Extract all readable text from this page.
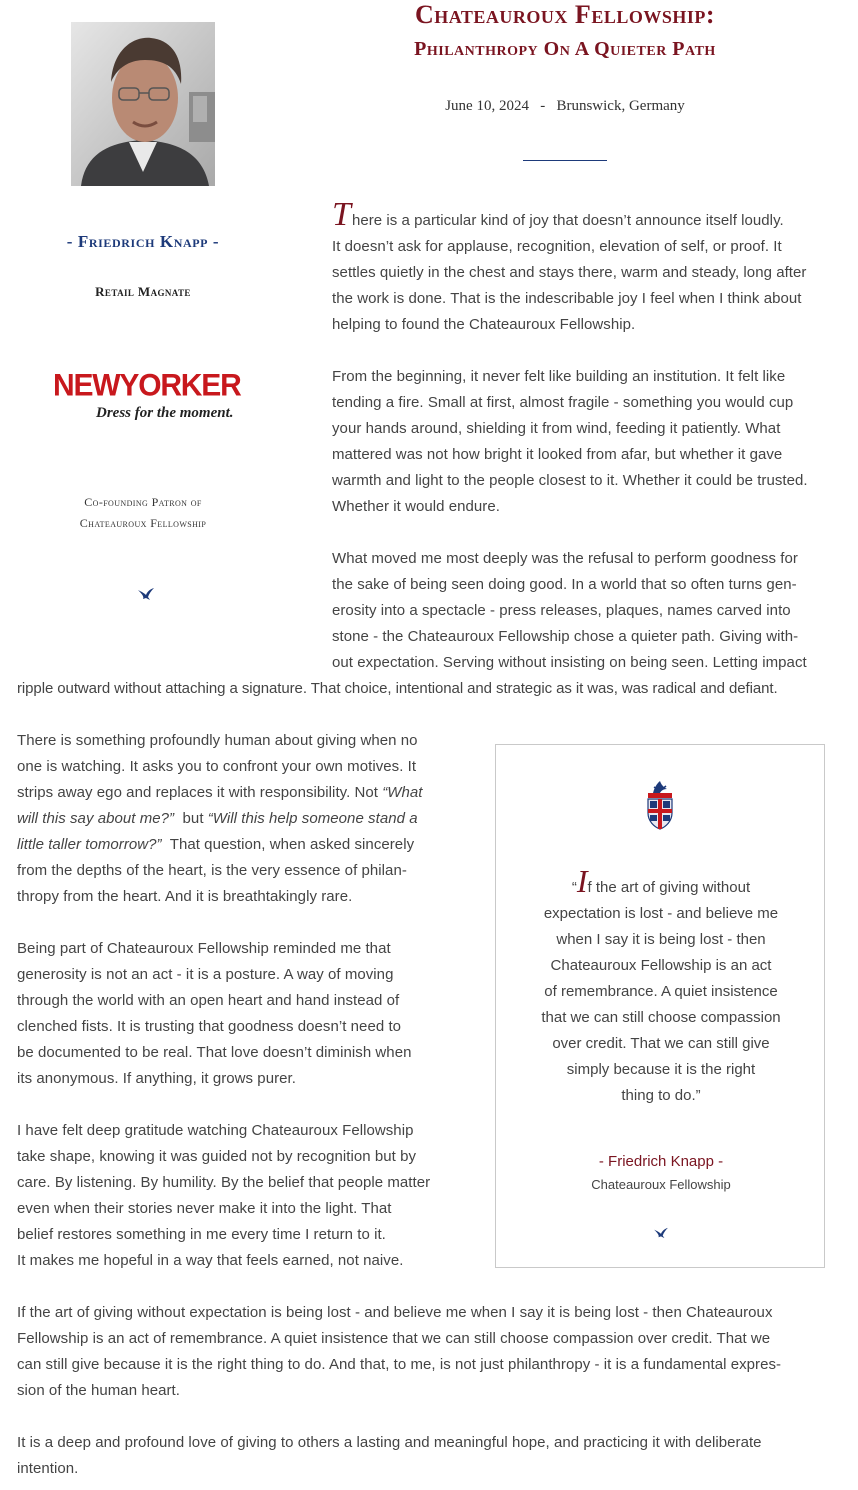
Chateauroux Fellowship:
Philanthropy On A Quieter Path
June 10, 2024   -   Brunswick, Germany
- Friedrich Knapp -
Retail Magnate
NEWYORKER
Dress for the moment.
Co-founding Patron of
Chateauroux Fellowship
There is a particular kind of joy that doesn’t announce itself loudly.
It doesn’t ask for applause, recognition, elevation of self, or proof. It
settles quietly in the chest and stays there, warm and steady, long after
the work is done. That is the indescribable joy I feel when I think about
helping to found the Chateauroux Fellowship.
From the beginning, it never felt like building an institution. It felt like
tending a fire. Small at first, almost fragile - something you would cup
your hands around, shielding it from wind, feeding it patiently. What
mattered was not how bright it looked from afar, but whether it gave
warmth and light to the people closest to it. Whether it could be trusted.
Whether it would endure.
What moved me most deeply was the refusal to perform goodness for
the sake of being seen doing good. In a world that so often turns gen-
erosity into a spectacle - press releases, plaques, names carved into
stone - the Chateauroux Fellowship chose a quieter path. Giving with-
out expectation. Serving without insisting on being seen. Letting impact
ripple outward without attaching a signature. That choice, intentional and strategic as it was, was radical and defiant.
There is something profoundly human about giving when no
one is watching. It asks you to confront your own motives. It
strips away ego and replaces it with responsibility. Not “What
will this say about me?”  but “Will this help someone stand a
little taller tomorrow?”  That question, when asked sincerely
from the depths of the heart, is the very essence of philan-
thropy from the heart. And it is breathtakingly rare.
Being part of Chateauroux Fellowship reminded me that
generosity is not an act - it is a posture. A way of moving
through the world with an open heart and hand instead of
clenched fists. It is trusting that goodness doesn’t need to
be documented to be real. That love doesn’t diminish when
its anonymous. If anything, it grows purer.
I have felt deep gratitude watching Chateauroux Fellowship
take shape, knowing it was guided not by recognition but by
care. By listening. By humility. By the belief that people matter
even when their stories never make it into the light. That
belief restores something in me every time I return to it.
It makes me hopeful in a way that feels earned, not naive.
“If the art of giving without
expectation is lost - and believe me
when I say it is being lost - then
Chateauroux Fellowship is an act
of remembrance. A quiet insistence
that we can still choose compassion
over credit. That we can still give
simply because it is the right
thing to do.”
- Friedrich Knapp -
Chateauroux Fellowship
If the art of giving without expectation is being lost - and believe me when I say it is being lost - then Chateauroux
Fellowship is an act of remembrance. A quiet insistence that we can still choose compassion over credit. That we
can still give because it is the right thing to do. And that, to me, is not just philanthropy - it is a fundamental expres-
sion of the human heart.
It is a deep and profound love of giving to others a lasting and meaningful hope, and practicing it with deliberate
intention.
